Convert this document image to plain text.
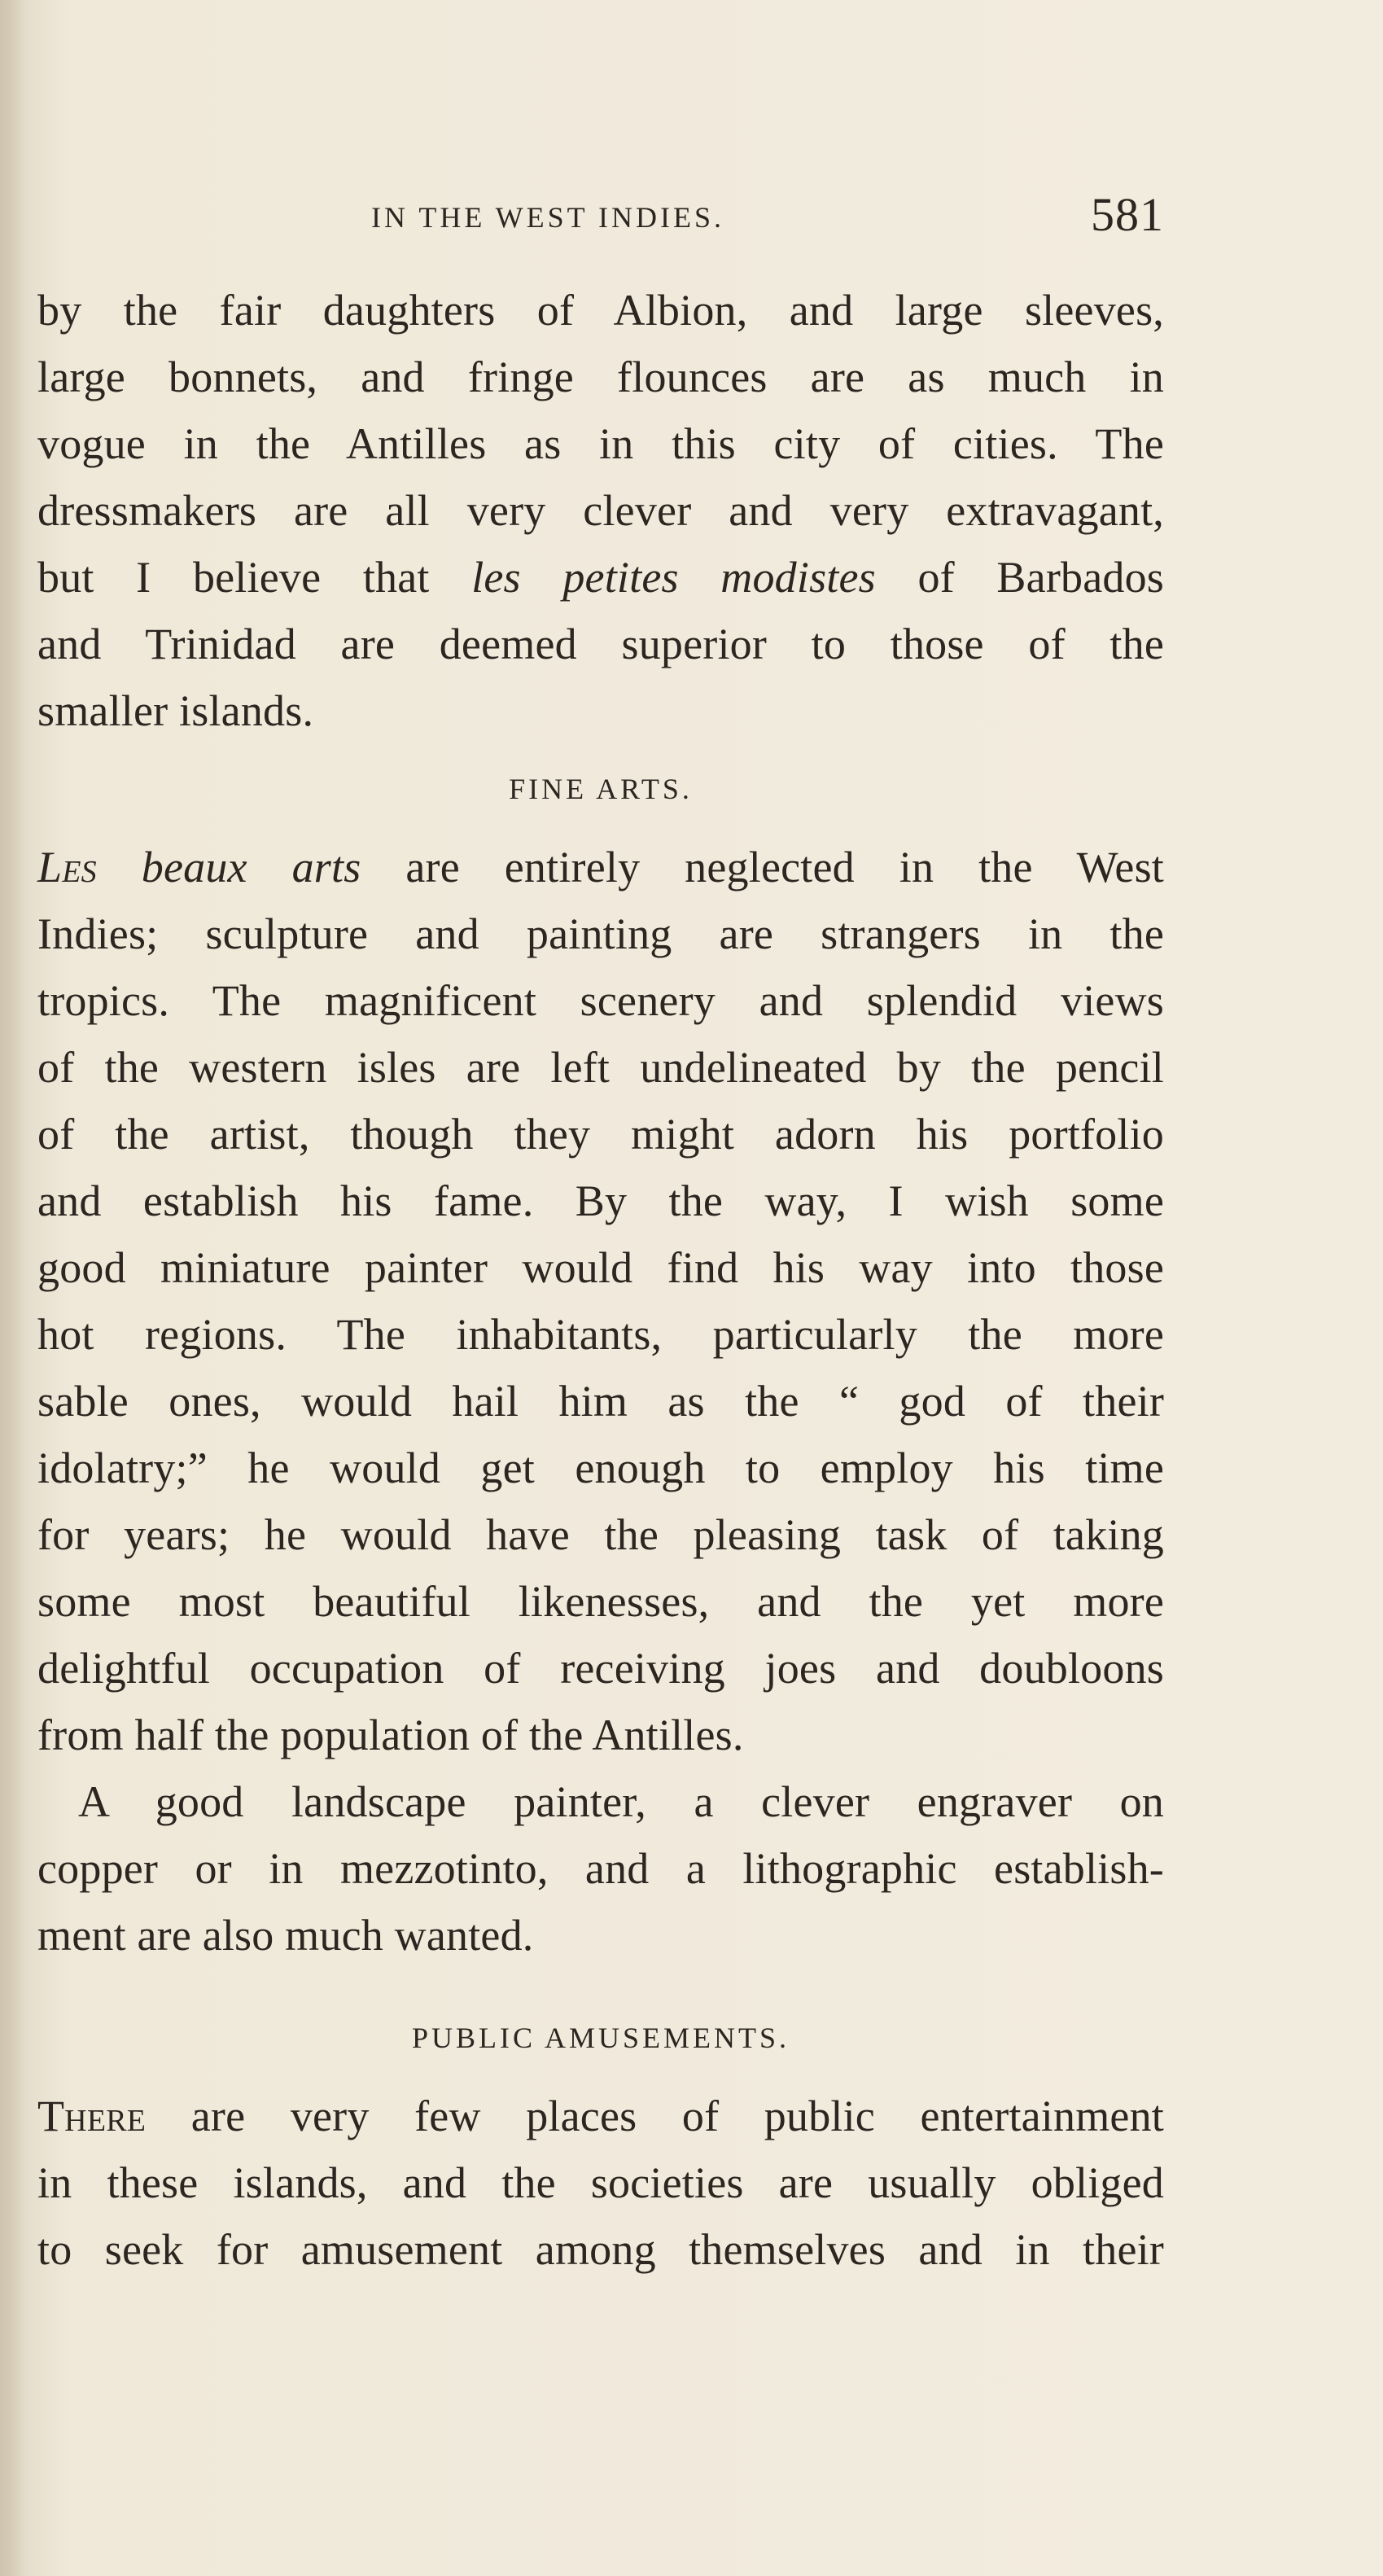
IN THE WEST INDIES.	581
by the fair daughters of Albion, and large sleeves,
large bonnets, and fringe flounces are as much in
vogue in the Antilles as in this city of cities. The
dressmakers are all very clever and very extravagant,
but I believe that les petites modistes of Barbados
and Trinidad are deemed superior to those of the
smaller islands.
FINE ARTS.
Les beaux arts are entirely neglected in the West
Indies; sculpture and painting are strangers in the
tropics. The magnificent scenery and splendid views
of the western isles are left undelineated by the pencil
of the artist, though they might adorn his portfolio
and establish his fame. By the way, I wish some
good miniature painter would find his way into those
hot regions. The inhabitants, particularly the more
sable ones, would hail him as the “ god of their
idolatry;” he would get enough to employ his time
for years; he would have the pleasing task of taking
some most beautiful likenesses, and the yet more
delightful occupation of receiving joes and doubloons
from half the population of the Antilles.
A good landscape painter, a clever engraver on
copper or in mezzotinto, and a lithographic establish-
ment are also much wanted.
PUBLIC AMUSEMENTS.
There are very few places of public entertainment
in these islands, and the societies are usually obliged
to seek for amusement among themselves and in their
